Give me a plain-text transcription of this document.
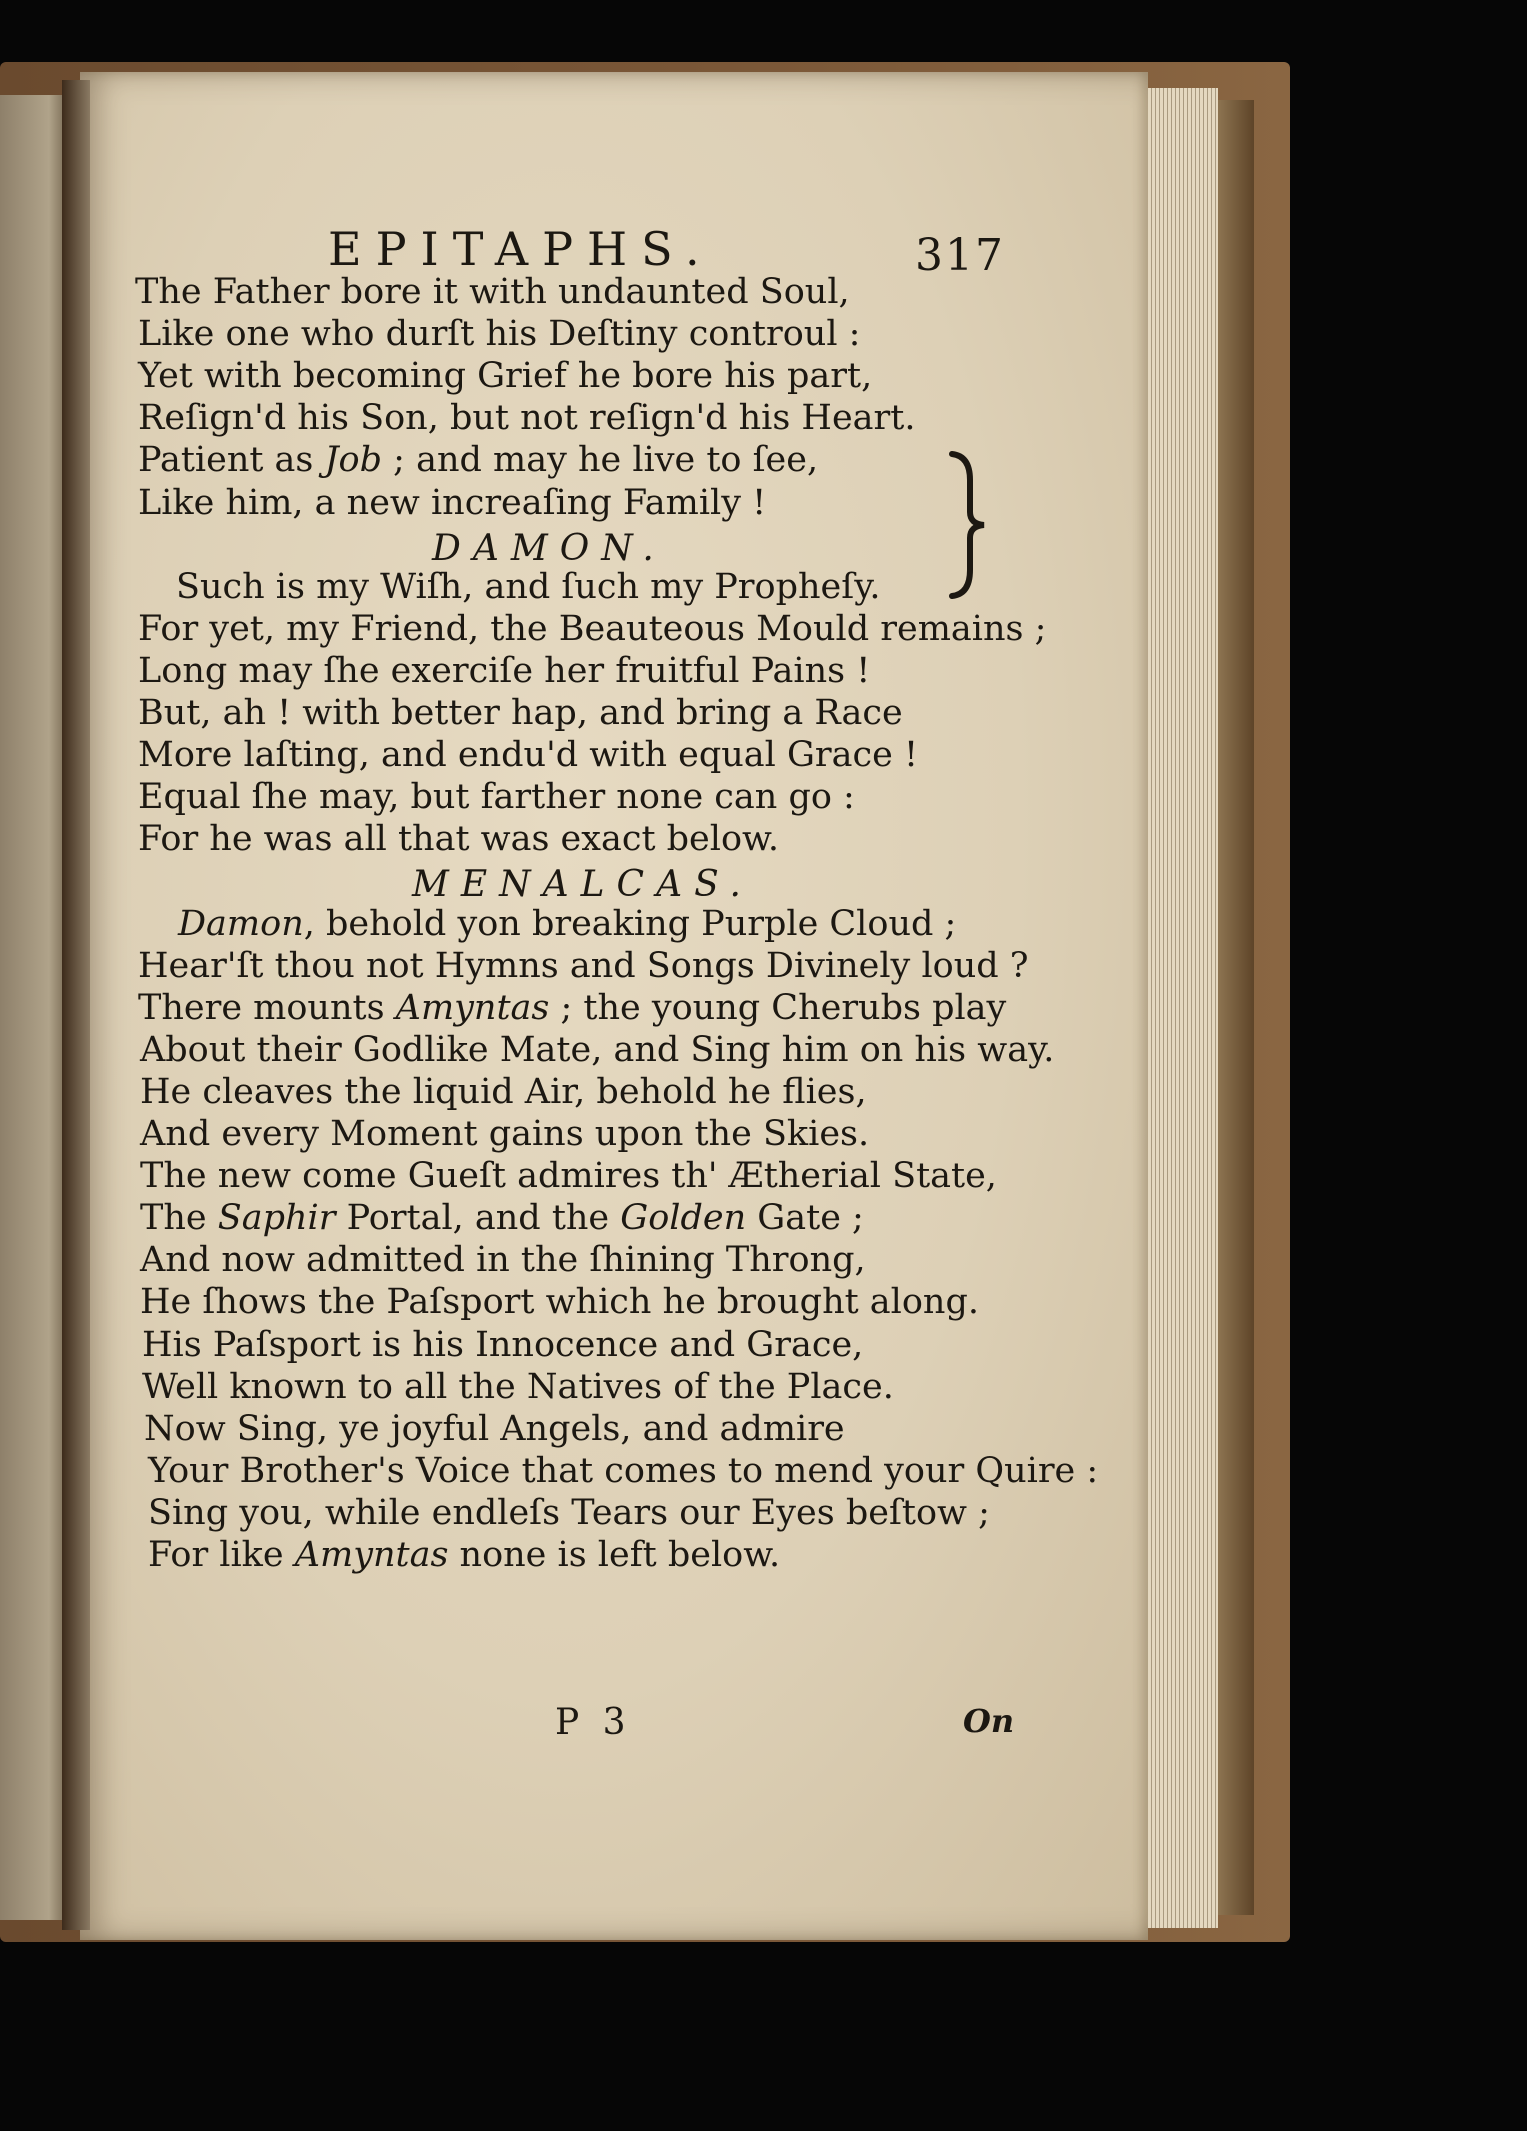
EPITAPHS.	317
The Father bore it with undaunted Soul,
Like one who durſt his Deſtiny controul :
Yet with becoming Grief he bore his part,
Reſign'd his Son, but not reſign'd his Heart.
Patient as Job ; and may he live to ſee,
Like him, a new increaſing Family !
DAMON.
Such is my Wiſh, and ſuch my Propheſy.
For yet, my Friend, the Beauteous Mould remains ;
Long may ſhe exerciſe her fruitful Pains !
But, ah ! with better hap, and bring a Race
More laſting, and endu'd with equal Grace !
Equal ſhe may, but farther none can go :
For he was all that was exact below.
MENALCAS.
Damon, behold yon breaking Purple Cloud ;
Hear'ſt thou not Hymns and Songs Divinely loud ?
There mounts Amyntas ; the young Cherubs play
About their Godlike Mate, and Sing him on his way.
He cleaves the liquid Air, behold he flies,
And every Moment gains upon the Skies.
The new come Gueſt admires th' Ætherial State,
The Saphir Portal, and the Golden Gate ;
And now admitted in the ſhining Throng,
He ſhows the Paſsport which he brought along.
His Paſsport is his Innocence and Grace,
Well known to all the Natives of the Place.
Now Sing, ye joyful Angels, and admire
Your Brother's Voice that comes to mend your Quire :
Sing you, while endleſs Tears our Eyes beſtow ;
For like Amyntas none is left below.
P 3	On
